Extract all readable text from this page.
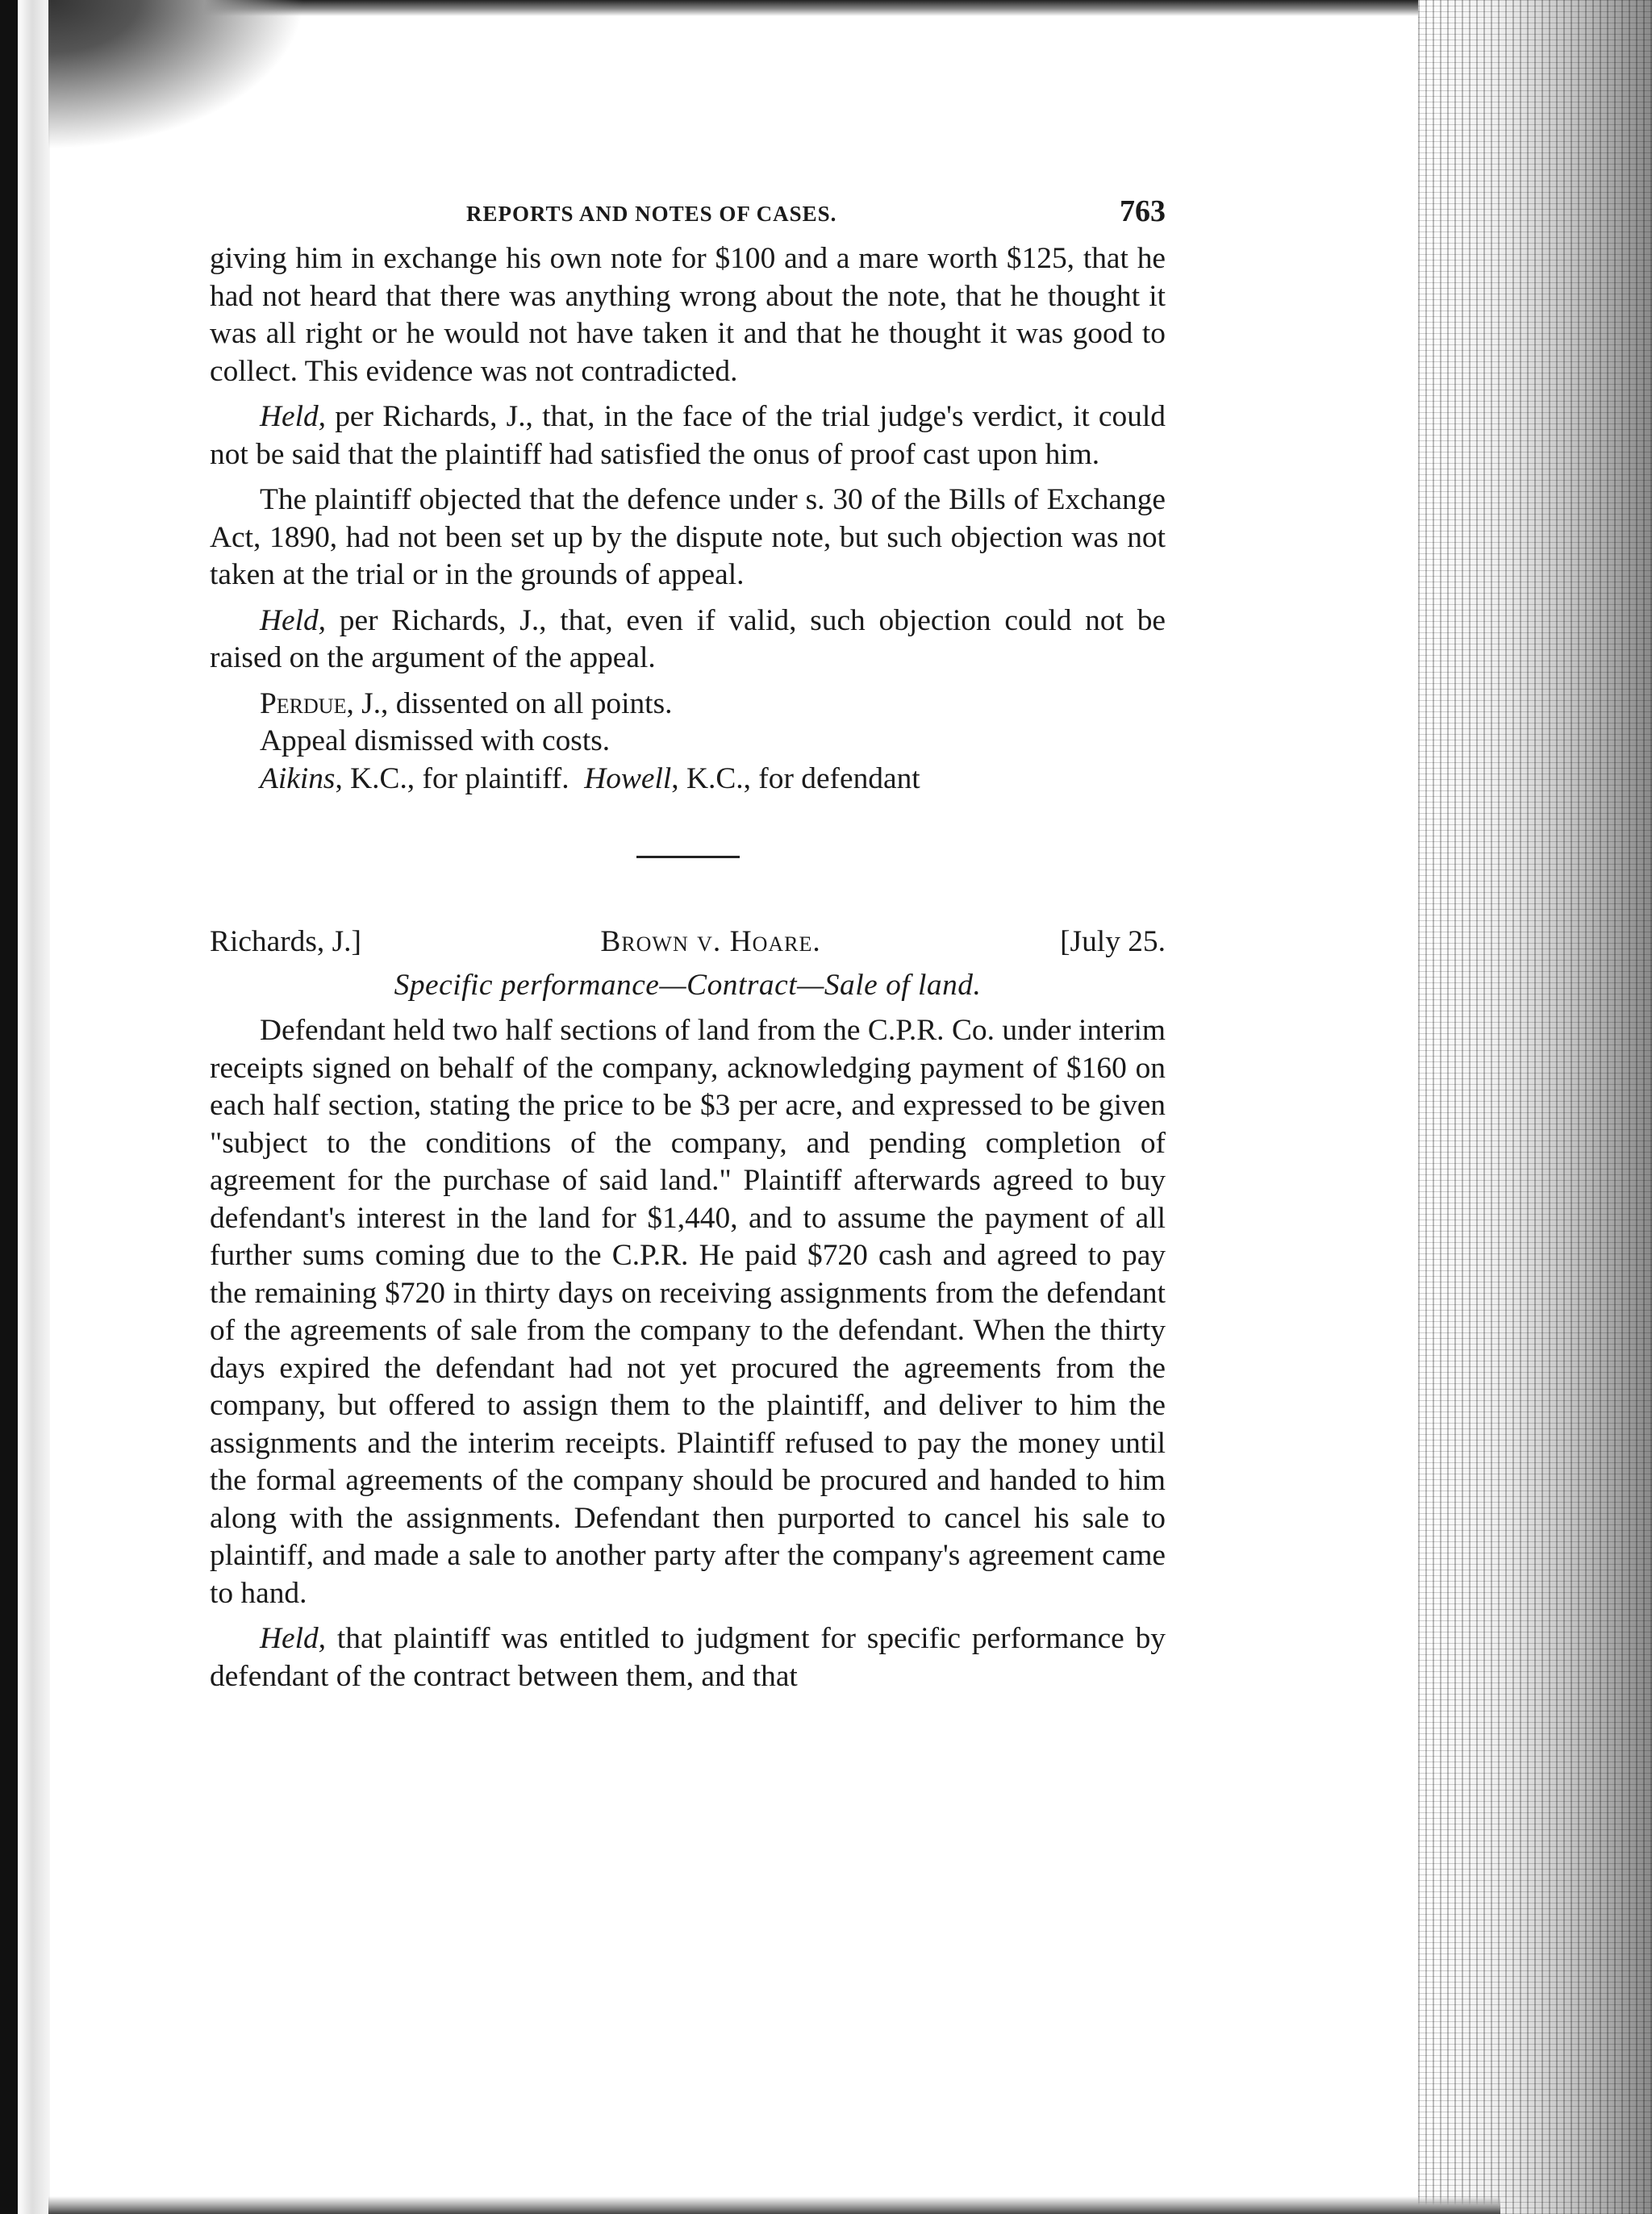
REPORTS AND NOTES OF CASES.	763

giving him in exchange his own note for $100 and a mare worth $125, that he had not heard that there was anything wrong about the note, that he thought it was all right or he would not have taken it and that he thought it was good to collect. This evidence was not contradicted.

Held, per Richards, J., that, in the face of the trial judge's verdict, it could not be said that the plaintiff had satisfied the onus of proof cast upon him.

The plaintiff objected that the defence under s. 30 of the Bills of Exchange Act, 1890, had not been set up by the dispute note, but such objection was not taken at the trial or in the grounds of appeal.

Held, per Richards, J., that, even if valid, such objection could not be raised on the argument of the appeal.

Perdue, J., dissented on all points.

Appeal dismissed with costs.

Aikins, K.C., for plaintiff. Howell, K.C., for defendant

Richards, J.]	Brown v. Hoare.	[July 25.
Specific performance—Contract—Sale of land.

Defendant held two half sections of land from the C.P.R. Co. under interim receipts signed on behalf of the company, acknowledging payment of $160 on each half section, stating the price to be $3 per acre, and expressed to be given "subject to the conditions of the company, and pending completion of agreement for the purchase of said land." Plaintiff afterwards agreed to buy defendant's interest in the land for $1,440, and to assume the payment of all further sums coming due to the C.P.R. He paid $720 cash and agreed to pay the remaining $720 in thirty days on receiving assignments from the defendant of the agreements of sale from the company to the defendant. When the thirty days expired the defendant had not yet procured the agreements from the company, but offered to assign them to the plaintiff, and deliver to him the assignments and the interim receipts. Plaintiff refused to pay the money until the formal agreements of the company should be procured and handed to him along with the assignments. Defendant then purported to cancel his sale to plaintiff, and made a sale to another party after the company's agreement came to hand.

Held, that plaintiff was entitled to judgment for specific performance by defendant of the contract between them, and that
